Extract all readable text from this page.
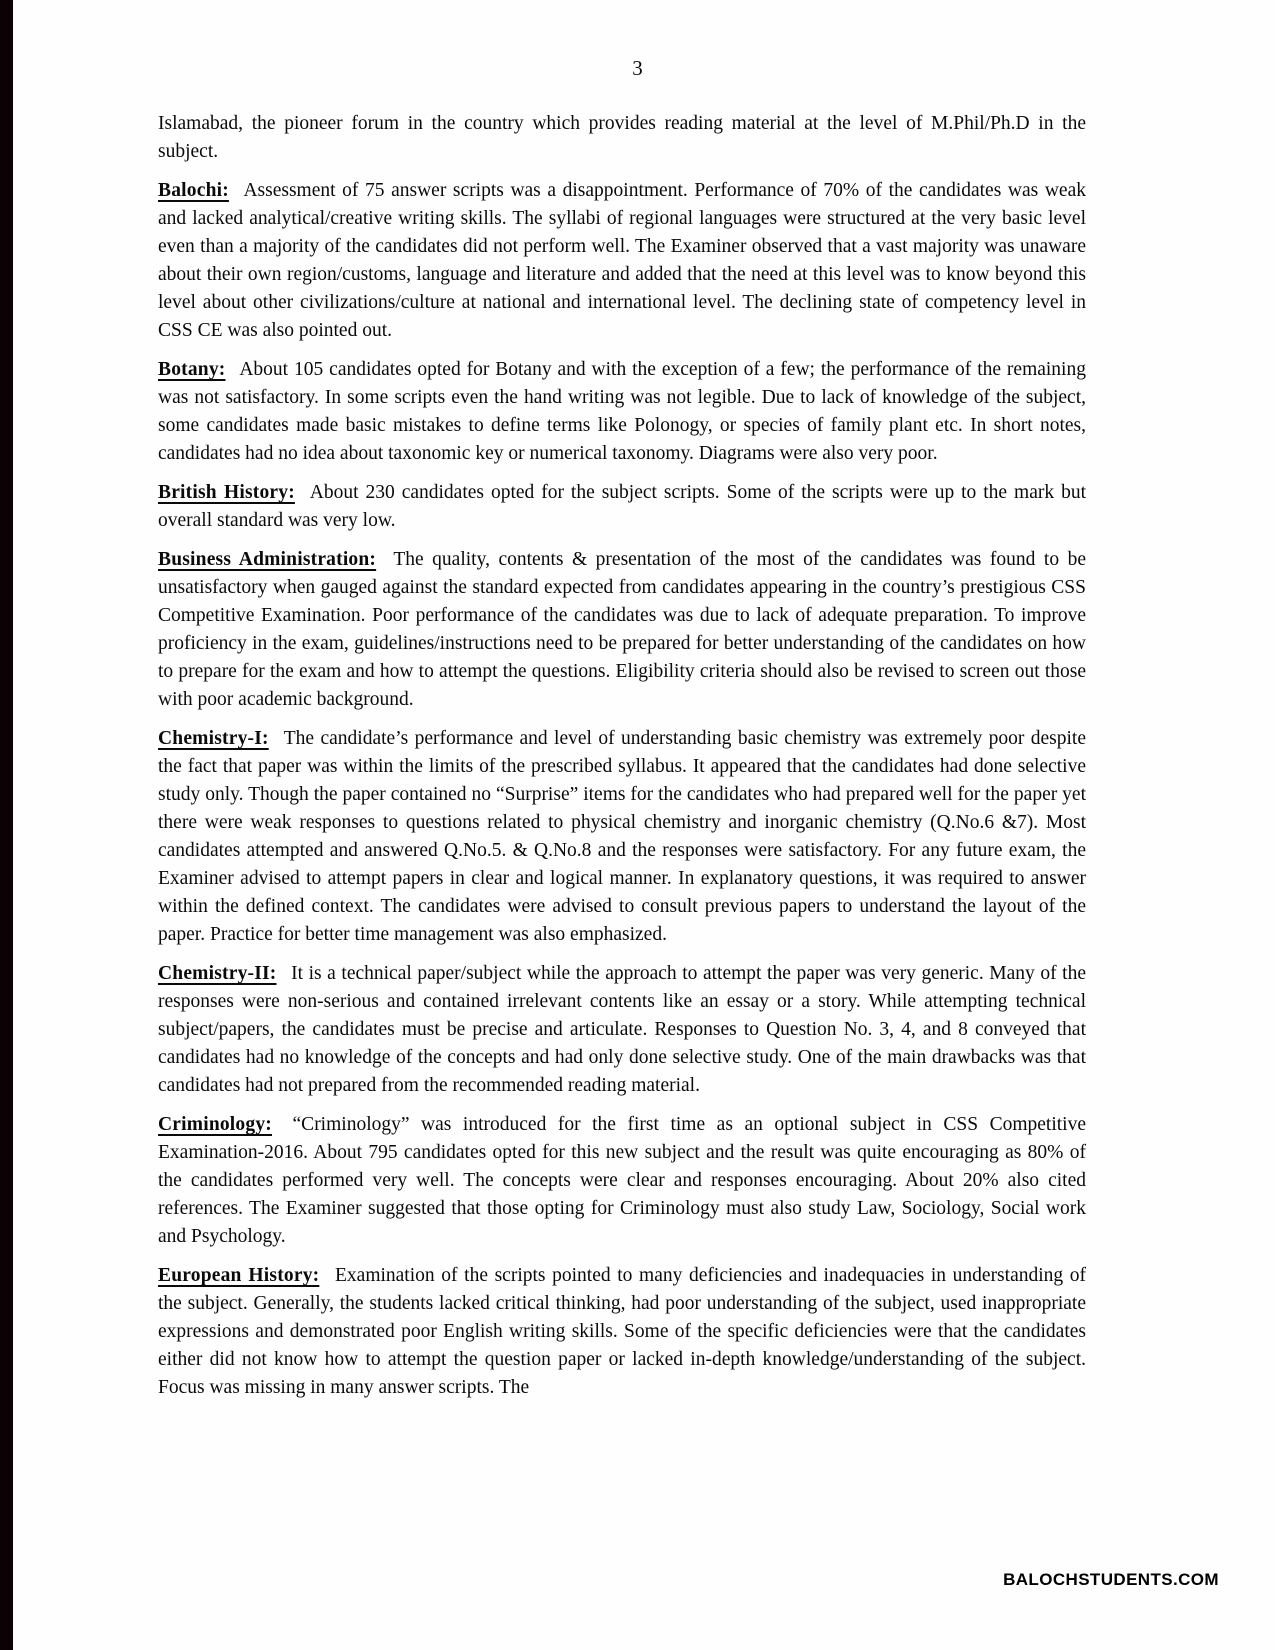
3

Islamabad, the pioneer forum in the country which provides reading material at the level of M.Phil/Ph.D in the subject.

Balochi: Assessment of 75 answer scripts was a disappointment. Performance of 70% of the candidates was weak and lacked analytical/creative writing skills. The syllabi of regional languages were structured at the very basic level even than a majority of the candidates did not perform well. The Examiner observed that a vast majority was unaware about their own region/customs, language and literature and added that the need at this level was to know beyond this level about other civilizations/culture at national and international level. The declining state of competency level in CSS CE was also pointed out.

Botany: About 105 candidates opted for Botany and with the exception of a few; the performance of the remaining was not satisfactory. In some scripts even the hand writing was not legible. Due to lack of knowledge of the subject, some candidates made basic mistakes to define terms like Polonogy, or species of family plant etc. In short notes, candidates had no idea about taxonomic key or numerical taxonomy. Diagrams were also very poor.

British History: About 230 candidates opted for the subject scripts. Some of the scripts were up to the mark but overall standard was very low.

Business Administration: The quality, contents & presentation of the most of the candidates was found to be unsatisfactory when gauged against the standard expected from candidates appearing in the country’s prestigious CSS Competitive Examination. Poor performance of the candidates was due to lack of adequate preparation. To improve proficiency in the exam, guidelines/instructions need to be prepared for better understanding of the candidates on how to prepare for the exam and how to attempt the questions. Eligibility criteria should also be revised to screen out those with poor academic background.

Chemistry-I: The candidate’s performance and level of understanding basic chemistry was extremely poor despite the fact that paper was within the limits of the prescribed syllabus. It appeared that the candidates had done selective study only. Though the paper contained no “Surprise” items for the candidates who had prepared well for the paper yet there were weak responses to questions related to physical chemistry and inorganic chemistry (Q.No.6 &7). Most candidates attempted and answered Q.No.5. & Q.No.8 and the responses were satisfactory. For any future exam, the Examiner advised to attempt papers in clear and logical manner. In explanatory questions, it was required to answer within the defined context. The candidates were advised to consult previous papers to understand the layout of the paper. Practice for better time management was also emphasized.

Chemistry-II: It is a technical paper/subject while the approach to attempt the paper was very generic. Many of the responses were non-serious and contained irrelevant contents like an essay or a story. While attempting technical subject/papers, the candidates must be precise and articulate. Responses to Question No. 3, 4, and 8 conveyed that candidates had no knowledge of the concepts and had only done selective study. One of the main drawbacks was that candidates had not prepared from the recommended reading material.

Criminology: “Criminology” was introduced for the first time as an optional subject in CSS Competitive Examination-2016. About 795 candidates opted for this new subject and the result was quite encouraging as 80% of the candidates performed very well. The concepts were clear and responses encouraging. About 20% also cited references. The Examiner suggested that those opting for Criminology must also study Law, Sociology, Social work and Psychology.

European History: Examination of the scripts pointed to many deficiencies and inadequacies in understanding of the subject. Generally, the students lacked critical thinking, had poor understanding of the subject, used inappropriate expressions and demonstrated poor English writing skills. Some of the specific deficiencies were that the candidates either did not know how to attempt the question paper or lacked in-depth knowledge/understanding of the subject. Focus was missing in many answer scripts. The

BALOCHSTUDENTS.COM
